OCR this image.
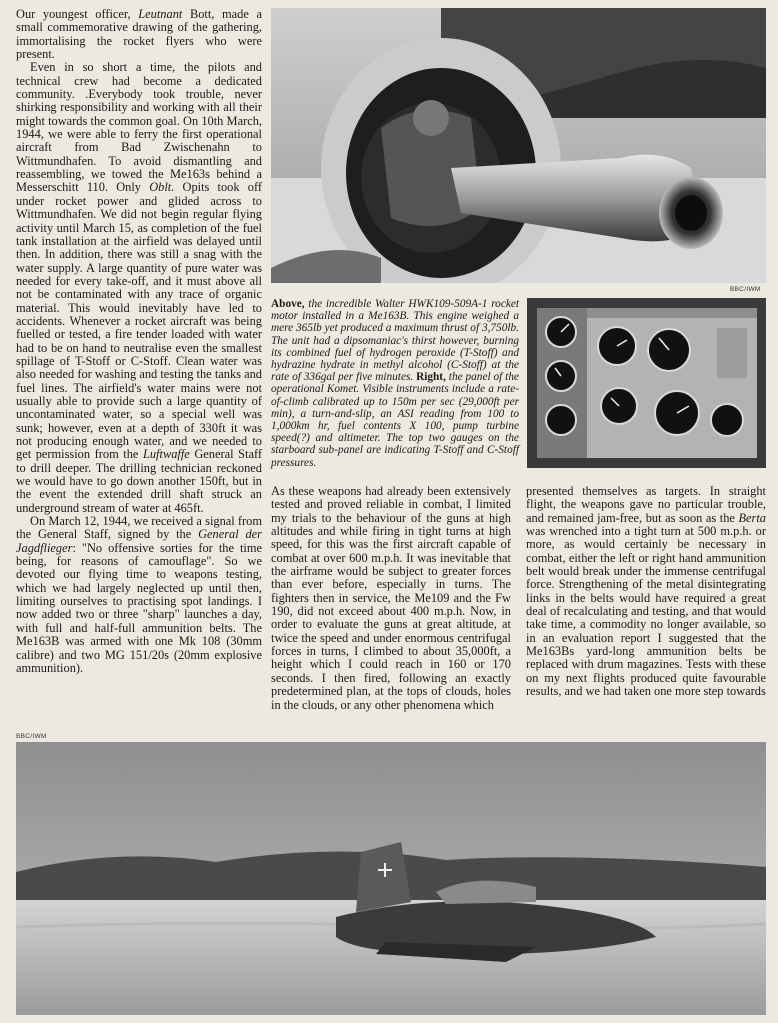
Our youngest officer, Leutnant Bott, made a small commemorative drawing of the gathering, immortalising the rocket flyers who were present.

Even in so short a time, the pilots and technical crew had become a dedicated community. .Everybody took trouble, never shirking responsibility and working with all their might towards the common goal. On 10th March, 1944, we were able to ferry the first operational aircraft from Bad Zwischenahn to Wittmundhafen. To avoid dismantling and reassembling, we towed the Me163s behind a Messerschitt 110. Only Oblt. Opits took off under rocket power and glided across to Wittmundhafen. We did not begin regular flying activity until March 15, as completion of the fuel tank installation at the airfield was delayed until then. In addition, there was still a snag with the water supply. A large quantity of pure water was needed for every take-off, and it must above all not be contaminated with any trace of organic material. This would inevitably have led to accidents. Whenever a rocket aircraft was being fuelled or tested, a fire tender loaded with water had to be on hand to neutralise even the smallest spillage of T-Stoff or C-Stoff. Clean water was also needed for washing and testing the tanks and fuel lines. The airfield's water mains were not usually able to provide such a large quantity of uncontaminated water, so a special well was sunk; however, even at a depth of 330ft it was not producing enough water, and we needed to get permission from the Luftwaffe General Staff to drill deeper. The drilling technician reckoned we would have to go down another 150ft, but in the event the extended drill shaft struck an underground stream of water at 465ft.

On March 12, 1944, we received a signal from the General Staff, signed by the General der Jagdflieger: "No offensive sorties for the time being, for reasons of camouflage". So we devoted our flying time to weapons testing, which we had largely neglected up until then, limiting ourselves to practising spot landings. I now added two or three "sharp" launches a day, with full and half-full ammunition belts. The Me163B was armed with one Mk 108 (30mm calibre) and two MG 151/20s (20mm explosive ammunition).

BBC/IWM
Above, the incredible Walter HWK109-509A-1 rocket motor installed in a Me163B. This engine weighed a mere 365lb yet produced a maximum thrust of 3,750lb. The unit had a dipsomaniac's thirst however, burning its combined fuel of hydrogen peroxide (T-Stoff) and hydrazine hydrate in methyl alcohol (C-Stoff) at the rate of 336gal per five minutes. Right, the panel of the operational Komet. Visible instruments include a rate-of-climb calibrated up to 150m per sec (29,000ft per min), a turn-and-slip, an ASI reading from 100 to 1,000km hr, fuel contents X 100, pump turbine speed(?) and altimeter. The top two gauges on the starboard sub-panel are indicating T-Stoff and C-Stoff pressures.

As these weapons had already been extensively tested and proved reliable in combat, I limited my trials to the behaviour of the guns at high altitudes and while firing in tight turns at high speed, for this was the first aircraft capable of combat at over 600 m.p.h. It was inevitable that the airframe would be subject to greater forces than ever before, especially in turns. The fighters then in service, the Me109 and the Fw 190, did not exceed about 400 m.p.h. Now, in order to evaluate the guns at great altitude, at twice the speed and under enormous centrifugal forces in turns, I climbed to about 35,000ft, a height which I could reach in 160 or 170 seconds. I then fired, following an exactly predetermined plan, at the tops of clouds, holes in the clouds, or any other phenomena which

presented themselves as targets. In straight flight, the weapons gave no particular trouble, and remained jam-free, but as soon as the Berta was wrenched into a tight turn at 500 m.p.h. or more, as would certainly be necessary in combat, either the left or right hand ammunition belt would break under the immense centrifugal force. Strengthening of the metal disintegrating links in the belts would have required a great deal of recalculating and testing, and that would take time, a commodity no longer available, so in an evaluation report I suggested that the Me163Bs yard-long ammunition belts be replaced with drum magazines. Tests with these on my next flights produced quite favourable results, and we had taken one more step towards

BBC/IWM
